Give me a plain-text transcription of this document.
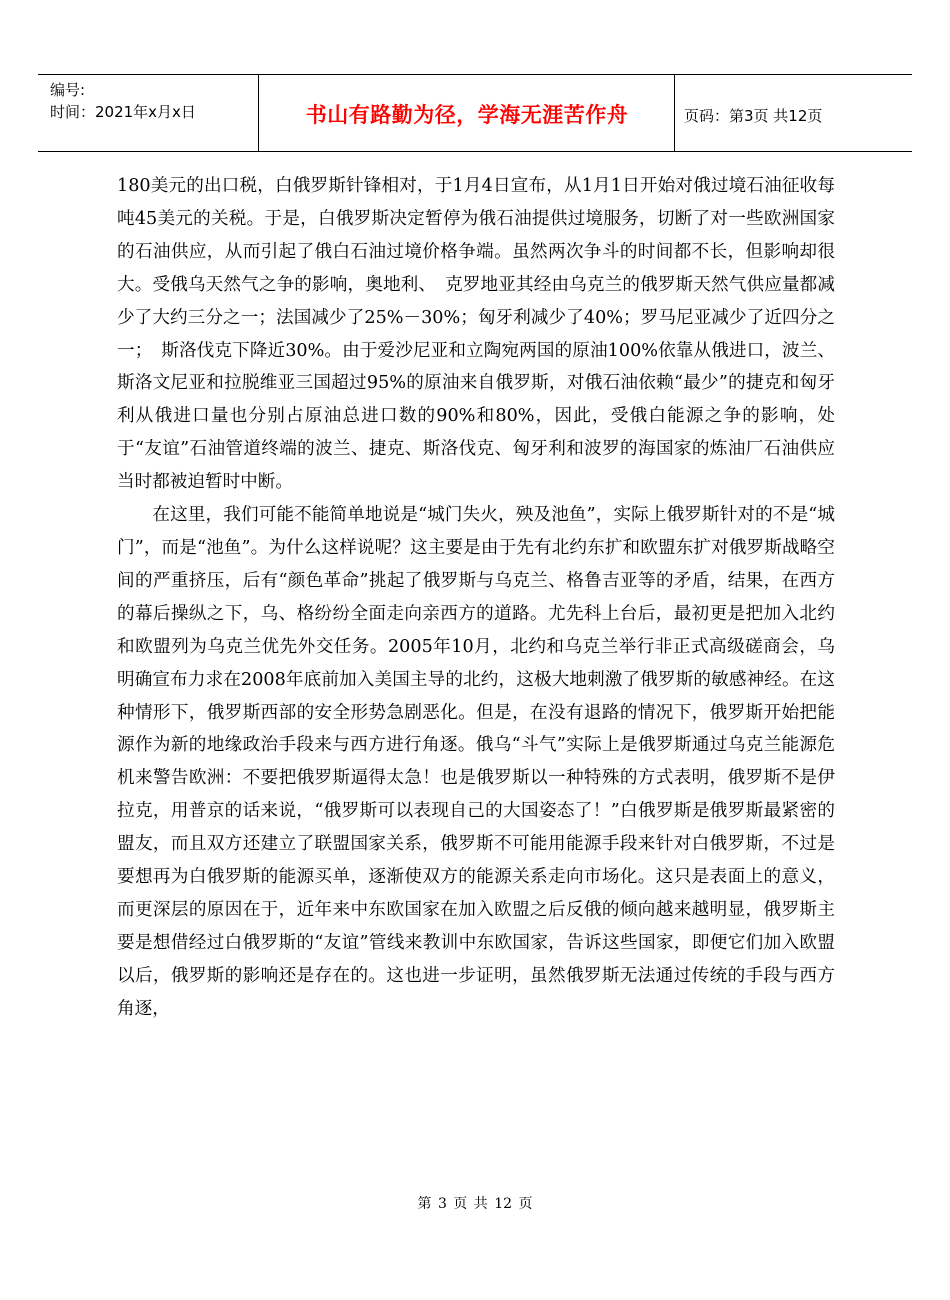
编号:
时间：2021年x月x日	书山有路勤为径，学海无涯苦作舟	页码：第3页 共12页

180美元的出口税，白俄罗斯针锋相对，于1月4日宣布，从1月1日开始对俄过境石油征收每吨45美元的关税。于是，白俄罗斯决定暂停为俄石油提供过境服务，切断了对一些欧洲国家的石油供应，从而引起了俄白石油过境价格争端。虽然两次争斗的时间都不长，但影响却很大。受俄乌天然气之争的影响，奥地利、　克罗地亚其经由乌克兰的俄罗斯天然气供应量都减少了大约三分之一；法国减少了25%－30%；匈牙利减少了40%；罗马尼亚减少了近四分之一；　斯洛伐克下降近30%。由于爱沙尼亚和立陶宛两国的原油100%依靠从俄进口，波兰、斯洛文尼亚和拉脱维亚三国超过95%的原油来自俄罗斯，对俄石油依赖“最少”的捷克和匈牙利从俄进口量也分别占原油总进口数的90%和80%，因此，受俄白能源之争的影响，处于“友谊”石油管道终端的波兰、捷克、斯洛伐克、匈牙利和波罗的海国家的炼油厂石油供应当时都被迫暂时中断。

　　在这里，我们可能不能简单地说是“城门失火，殃及池鱼”，实际上俄罗斯针对的不是“城门”，而是“池鱼”。为什么这样说呢？这主要是由于先有北约东扩和欧盟东扩对俄罗斯战略空间的严重挤压，后有“颜色革命”挑起了俄罗斯与乌克兰、格鲁吉亚等的矛盾，结果，在西方的幕后操纵之下，乌、格纷纷全面走向亲西方的道路。尤先科上台后，最初更是把加入北约和欧盟列为乌克兰优先外交任务。2005年10月，北约和乌克兰举行非正式高级磋商会，乌明确宣布力求在2008年底前加入美国主导的北约，这极大地刺激了俄罗斯的敏感神经。在这种情形下，俄罗斯西部的安全形势急剧恶化。但是，在没有退路的情况下，俄罗斯开始把能源作为新的地缘政治手段来与西方进行角逐。俄乌“斗气”实际上是俄罗斯通过乌克兰能源危机来警告欧洲：不要把俄罗斯逼得太急！也是俄罗斯以一种特殊的方式表明，俄罗斯不是伊拉克，用普京的话来说，“俄罗斯可以表现自己的大国姿态了！”白俄罗斯是俄罗斯最紧密的盟友，而且双方还建立了联盟国家关系，俄罗斯不可能用能源手段来针对白俄罗斯，不过是要想再为白俄罗斯的能源买单，逐渐使双方的能源关系走向市场化。这只是表面上的意义，而更深层的原因在于，近年来中东欧国家在加入欧盟之后反俄的倾向越来越明显，俄罗斯主要是想借经过白俄罗斯的“友谊”管线来教训中东欧国家，告诉这些国家，即便它们加入欧盟以后，俄罗斯的影响还是存在的。这也进一步证明，虽然俄罗斯无法通过传统的手段与西方角逐，

第 3 页 共 12 页
